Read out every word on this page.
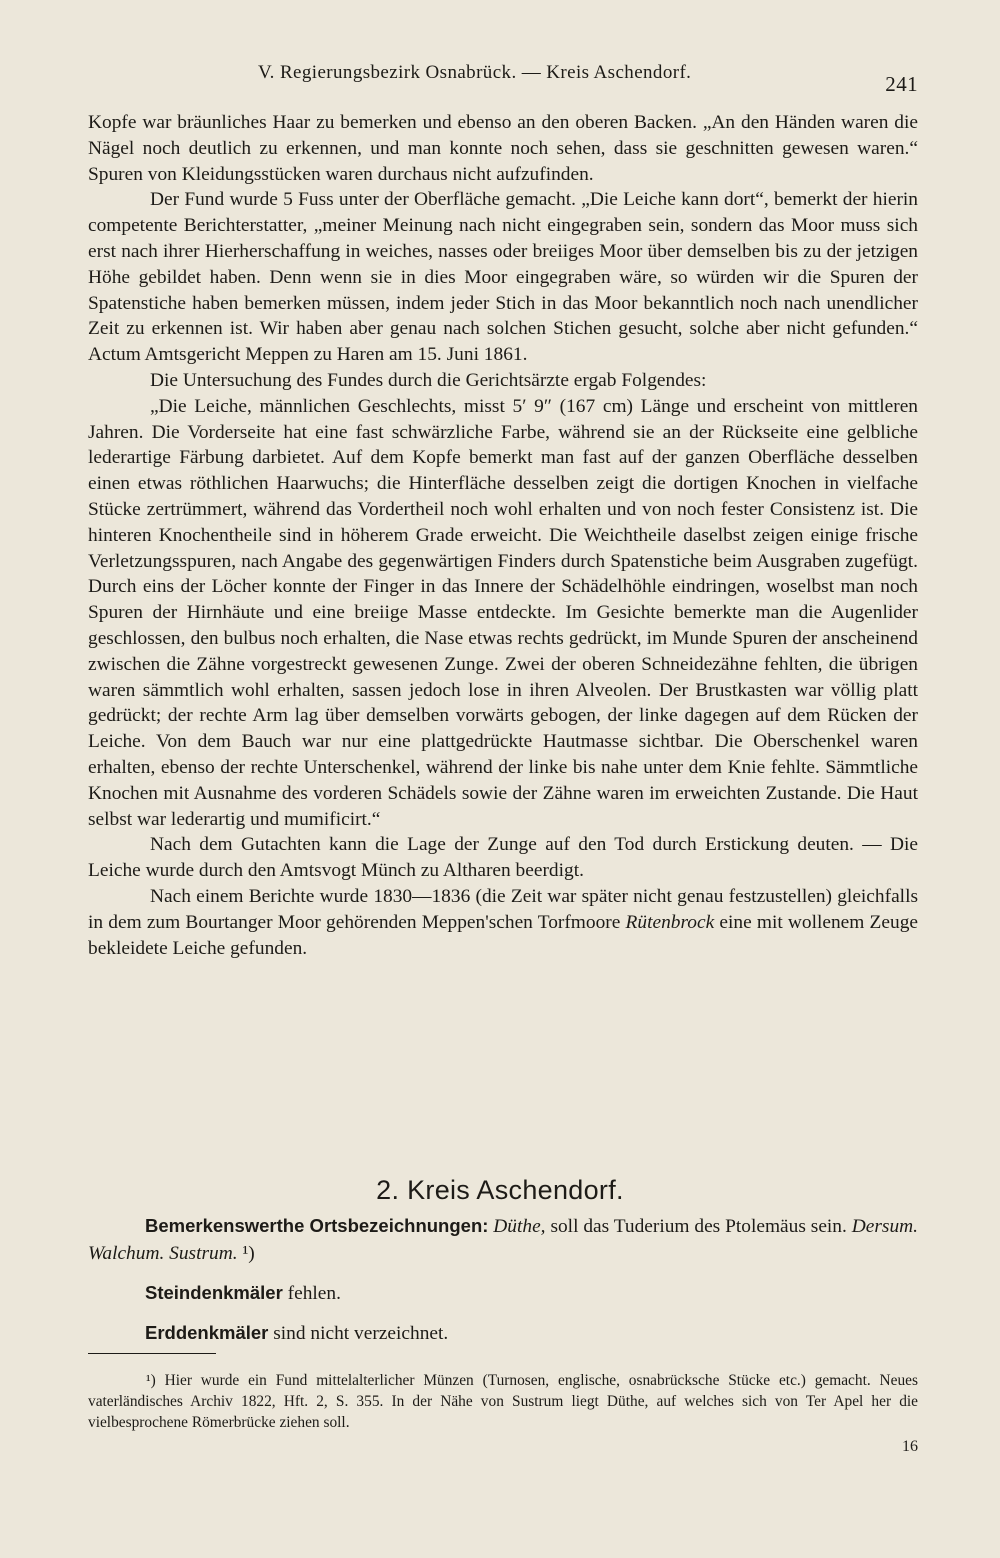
V. Regierungsbezirk Osnabrück. — Kreis Aschendorf.	241

Kopfe war bräunliches Haar zu bemerken und ebenso an den oberen Backen. „An den Händen waren die Nägel noch deutlich zu erkennen, und man konnte noch sehen, dass sie geschnitten gewesen waren.“ Spuren von Kleidungsstücken waren durchaus nicht aufzufinden.

Der Fund wurde 5 Fuss unter der Oberfläche gemacht. „Die Leiche kann dort“, bemerkt der hierin competente Berichterstatter, „meiner Meinung nach nicht eingegraben sein, sondern das Moor muss sich erst nach ihrer Hierherschaffung in weiches, nasses oder breiiges Moor über demselben bis zu der jetzigen Höhe gebildet haben. Denn wenn sie in dies Moor eingegraben wäre, so würden wir die Spuren der Spatenstiche haben bemerken müssen, indem jeder Stich in das Moor bekanntlich noch nach unendlicher Zeit zu erkennen ist. Wir haben aber genau nach solchen Stichen gesucht, solche aber nicht gefunden.“ Actum Amtsgericht Meppen zu Haren am 15. Juni 1861.

Die Untersuchung des Fundes durch die Gerichtsärzte ergab Folgendes:

„Die Leiche, männlichen Geschlechts, misst 5′ 9″ (167 cm) Länge und erscheint von mittleren Jahren. Die Vorderseite hat eine fast schwärzliche Farbe, während sie an der Rückseite eine gelbliche lederartige Färbung darbietet. Auf dem Kopfe bemerkt man fast auf der ganzen Oberfläche desselben einen etwas röthlichen Haarwuchs; die Hinterfläche desselben zeigt die dortigen Knochen in vielfache Stücke zertrümmert, während das Vordertheil noch wohl erhalten und von noch fester Consistenz ist. Die hinteren Knochentheile sind in höherem Grade erweicht. Die Weichtheile daselbst zeigen einige frische Verletzungsspuren, nach Angabe des gegenwärtigen Finders durch Spatenstiche beim Ausgraben zugefügt. Durch eins der Löcher konnte der Finger in das Innere der Schädelhöhle eindringen, woselbst man noch Spuren der Hirnhäute und eine breiige Masse entdeckte. Im Gesichte bemerkte man die Augenlider geschlossen, den bulbus noch erhalten, die Nase etwas rechts gedrückt, im Munde Spuren der anscheinend zwischen die Zähne vorgestreckt gewesenen Zunge. Zwei der oberen Schneidezähne fehlten, die übrigen waren sämmtlich wohl erhalten, sassen jedoch lose in ihren Alveolen. Der Brustkasten war völlig platt gedrückt; der rechte Arm lag über demselben vorwärts gebogen, der linke dagegen auf dem Rücken der Leiche. Von dem Bauch war nur eine plattgedrückte Hautmasse sichtbar. Die Oberschenkel waren erhalten, ebenso der rechte Unterschenkel, während der linke bis nahe unter dem Knie fehlte. Sämmtliche Knochen mit Ausnahme des vorderen Schädels sowie der Zähne waren im erweichten Zustande. Die Haut selbst war lederartig und mumificirt.“

Nach dem Gutachten kann die Lage der Zunge auf den Tod durch Erstickung deuten. — Die Leiche wurde durch den Amtsvogt Münch zu Altharen beerdigt.

Nach einem Berichte wurde 1830—1836 (die Zeit war später nicht genau festzustellen) gleichfalls in dem zum Bourtanger Moor gehörenden Meppen'schen Torfmoore Rütenbrock eine mit wollenem Zeuge bekleidete Leiche gefunden.

2. Kreis Aschendorf.

Bemerkenswerthe Ortsbezeichnungen: Düthe, soll das Tuderium des Ptolemäus sein. Dersum. Walchum. Sustrum. ¹)

Steindenkmäler fehlen.

Erddenkmäler sind nicht verzeichnet.

¹) Hier wurde ein Fund mittelalterlicher Münzen (Turnosen, englische, osnabrücksche Stücke etc.) gemacht. Neues vaterländisches Archiv 1822, Hft. 2, S. 355. In der Nähe von Sustrum liegt Düthe, auf welches sich von Ter Apel her die vielbesprochene Römerbrücke ziehen soll.

16
